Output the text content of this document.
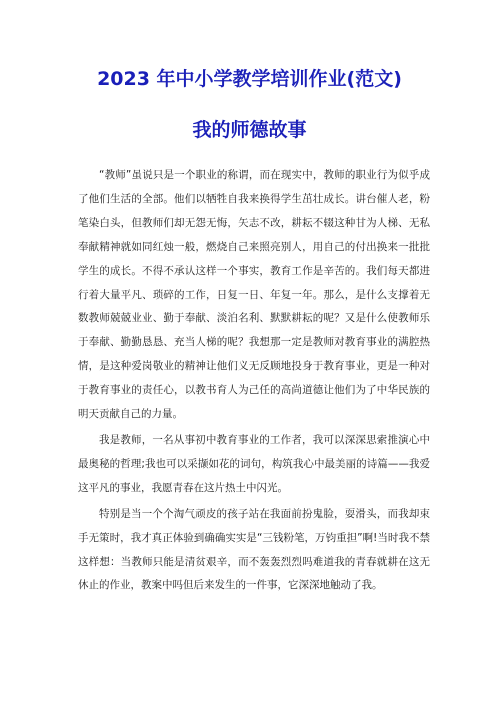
2023 年中小学教学培训作业(范文)
我的师德故事

“教师”虽说只是一个职业的称谓，而在现实中，教师的职业行为似乎成了他们生活的全部。他们以牺牲自我来换得学生茁壮成长。讲台催人老，粉笔染白头，但教师们却无怨无悔，矢志不改，耕耘不辍这种甘为人梯、无私奉献精神就如同红烛一般，燃烧自己来照亮别人，用自己的付出换来一批批学生的成长。不得不承认这样一个事实，教育工作是辛苦的。我们每天都进行着大量平凡、琐碎的工作，日复一日、年复一年。那么，是什么支撑着无数教师兢兢业业、勤于奉献、淡泊名利、默默耕耘的呢？又是什么使教师乐于奉献、勤勤恳恳、充当人梯的呢？我想那一定是教师对教育事业的满腔热情，是这种爱岗敬业的精神让他们义无反顾地投身于教育事业，更是一种对于教育事业的责任心，以教书育人为己任的高尚道德让他们为了中华民族的明天贡献自己的力量。

我是教师，一名从事初中教育事业的工作者，我可以深深思索推演心中最奥秘的哲理;我也可以采撷如花的词句，构筑我心中最美丽的诗篇——我爱这平凡的事业，我愿青春在这片热土中闪光。

特别是当一个个淘气顽皮的孩子站在我面前扮鬼脸，耍滑头，而我却束手无策时，我才真正体验到确确实实是“三钱粉笔，万钧重担”啊!当时我不禁这样想：当教师只能是清贫艰辛，而不轰轰烈烈吗难道我的青春就耕在这无休止的作业，教案中吗但后来发生的一件事，它深深地触动了我。
